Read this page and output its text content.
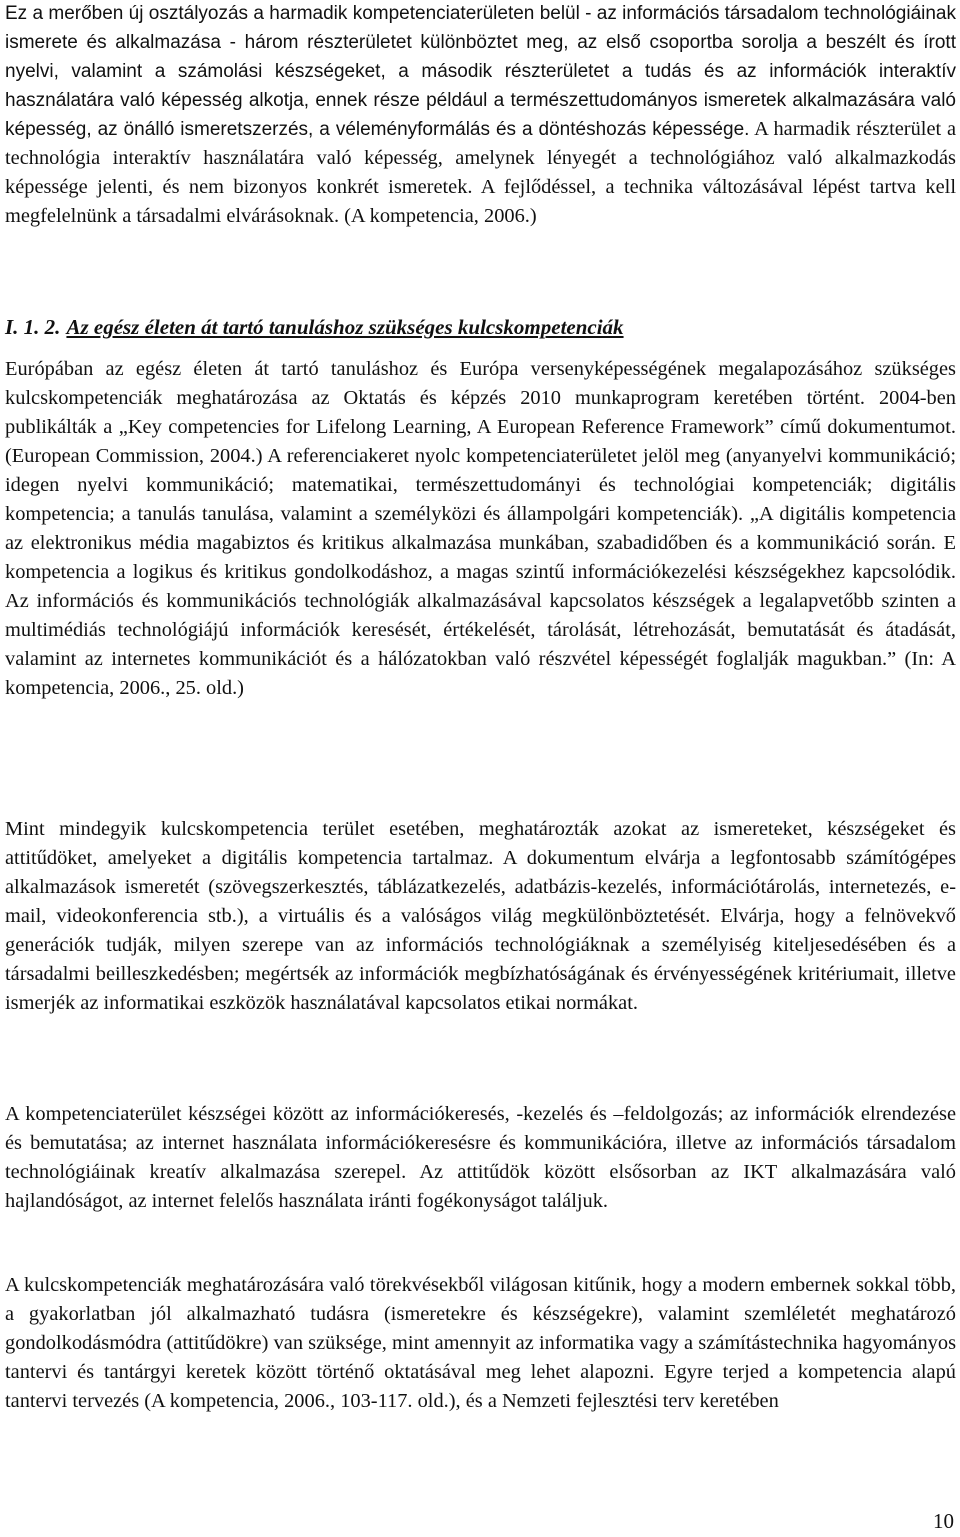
Ez a merőben új osztályozás a harmadik kompetenciaterületen belül - az információs társadalom technológiáinak ismerete és alkalmazása - három részterületet különböztet meg, az első csoportba sorolja a beszélt és írott nyelvi, valamint a számolási készségeket, a második részterületet a tudás és az információk interaktív használatára való képesség alkotja, ennek része például a természettudományos ismeretek alkalmazására való képesség, az önálló ismeretszerzés, a véleményformálás és a döntéshozás képessége. A harmadik részterület a technológia interaktív használatára való képesség, amelynek lényegét a technológiához való alkalmazkodás képessége jelenti, és nem bizonyos konkrét ismeretek. A fejlődéssel, a technika változásával lépést tartva kell megfelelnünk a társadalmi elvárásoknak. (A kompetencia, 2006.)

I. 1. 2. Az egész életen át tartó tanuláshoz szükséges kulcskompetenciák

Európában az egész életen át tartó tanuláshoz és Európa versenyképességének megalapozásához szükséges kulcskompetenciák meghatározása az Oktatás és képzés 2010 munkaprogram keretében történt. 2004-ben publikálták a „Key competencies for Lifelong Learning, A European Reference Framework” című dokumentumot. (European Commission, 2004.) A referenciakeret nyolc kompetenciaterületet jelöl meg (anyanyelvi kommunikáció; idegen nyelvi kommunikáció; matematikai, természettudományi és technológiai kompetenciák; digitális kompetencia; a tanulás tanulása, valamint a személyközi és állampolgári kompetenciák). „A digitális kompetencia az elektronikus média magabiztos és kritikus alkalmazása munkában, szabadidőben és a kommunikáció során. E kompetencia a logikus és kritikus gondolkodáshoz, a magas szintű információkezelési készségekhez kapcsolódik. Az információs és kommunikációs technológiák alkalmazásával kapcsolatos készségek a legalapvetőbb szinten a multimédiás technológiájú információk keresését, értékelését, tárolását, létrehozását, bemutatását és átadását, valamint az internetes kommunikációt és a hálózatokban való részvétel képességét foglalják magukban.” (In: A kompetencia, 2006., 25. old.)

Mint mindegyik kulcskompetencia terület esetében, meghatározták azokat az ismereteket, készségeket és attitűdöket, amelyeket a digitális kompetencia tartalmaz. A dokumentum elvárja a legfontosabb számítógépes alkalmazások ismeretét (szövegszerkesztés, táblázatkezelés, adatbázis-kezelés, információtárolás, internetezés, e-mail, videokonferencia stb.), a virtuális és a valóságos világ megkülönböztetését. Elvárja, hogy a felnövekvő generációk tudják, milyen szerepe van az információs technológiáknak a személyiség kiteljesedésében és a társadalmi beilleszkedésben; megértsék az információk megbízhatóságának és érvényességének kritériumait, illetve ismerjék az informatikai eszközök használatával kapcsolatos etikai normákat.

A kompetenciaterület készségei között az információkeresés, -kezelés és –feldolgozás; az információk elrendezése és bemutatása; az internet használata információkeresésre és kommunikációra, illetve az információs társadalom technológiáinak kreatív alkalmazása szerepel. Az attitűdök között elsősorban az IKT alkalmazására való hajlandóságot, az internet felelős használata iránti fogékonyságot találjuk.

A kulcskompetenciák meghatározására való törekvésekből világosan kitűnik, hogy a modern embernek sokkal több, a gyakorlatban jól alkalmazható tudásra (ismeretekre és készségekre), valamint szemléletét meghatározó gondolkodásmódra (attitűdökre) van szüksége, mint amennyit az informatika vagy a számítástechnika hagyományos tantervi és tantárgyi keretek között történő oktatásával meg lehet alapozni. Egyre terjed a kompetencia alapú tantervi tervezés (A kompetencia, 2006., 103-117. old.), és a Nemzeti fejlesztési terv keretében

10
